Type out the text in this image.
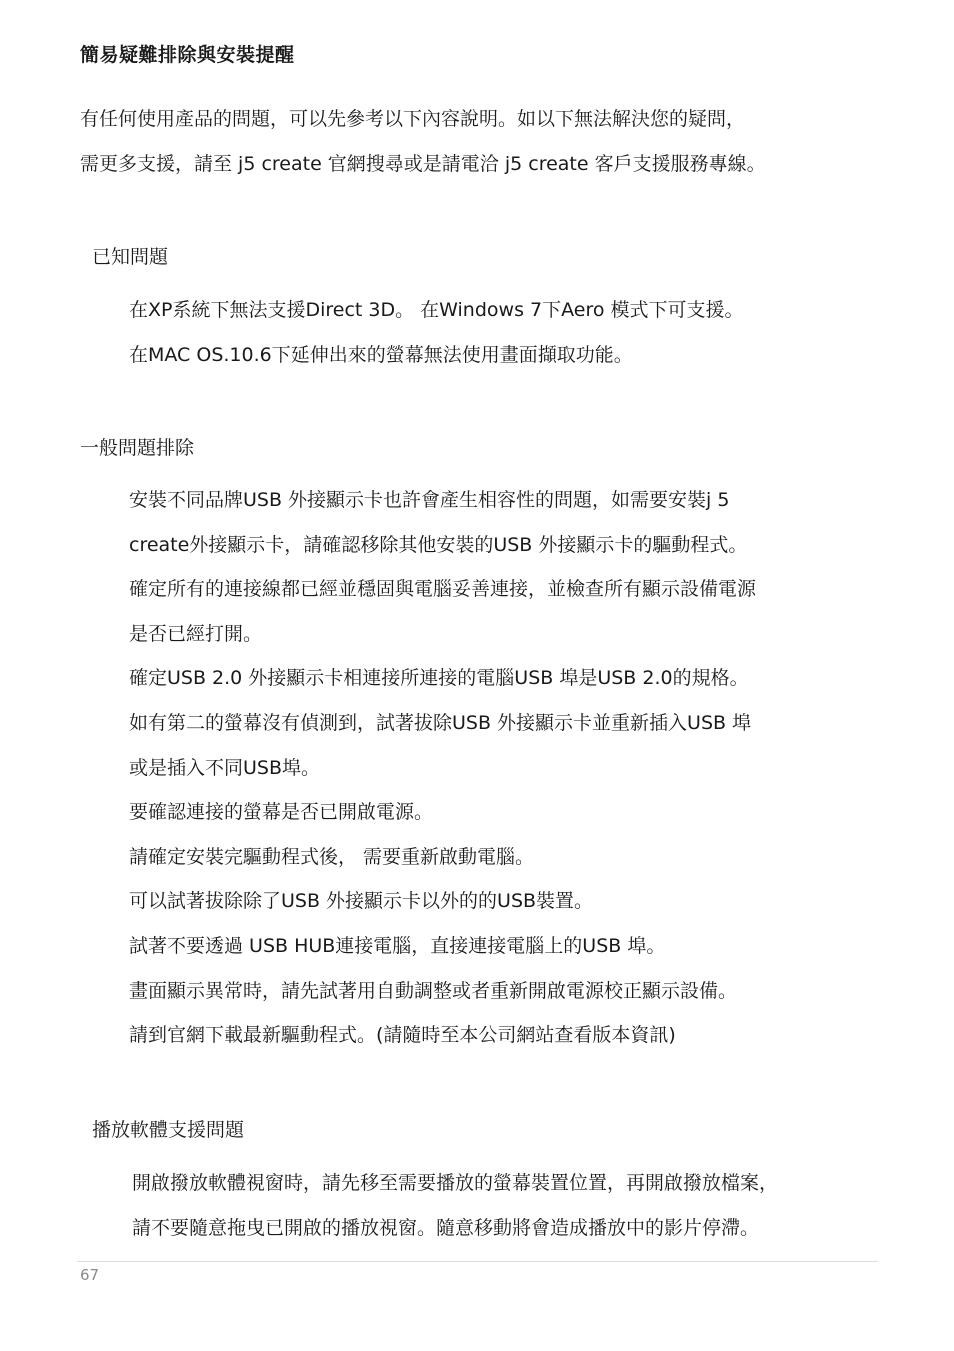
簡易疑難排除與安裝提醒

有任何使用產品的問題，可以先參考以下內容說明。如以下無法解決您的疑問，

需更多支援，請至 j5 create 官網搜尋或是請電洽 j5 create 客戶支援服務專線。

已知問題

在XP系統下無法支援Direct 3D。 在Windows 7下Aero 模式下可支援。

在MAC OS.10.6下延伸出來的螢幕無法使用畫面擷取功能。

一般問題排除

安裝不同品牌USB 外接顯示卡也許會產生相容性的問題，如需要安裝j 5

create外接顯示卡，請確認移除其他安裝的USB 外接顯示卡的驅動程式。

確定所有的連接線都已經並穩固與電腦妥善連接，並檢查所有顯示設備電源

是否已經打開。

確定USB 2.0 外接顯示卡相連接所連接的電腦USB 埠是USB 2.0的規格。

如有第二的螢幕沒有偵測到，試著拔除USB 外接顯示卡並重新插入USB 埠

或是插入不同USB埠。

要確認連接的螢幕是否已開啟電源。

請確定安裝完驅動程式後， 需要重新啟動電腦。

可以試著拔除除了USB 外接顯示卡以外的的USB裝置。

試著不要透過 USB HUB連接電腦，直接連接電腦上的USB 埠。

畫面顯示異常時，請先試著用自動調整或者重新開啟電源校正顯示設備。

請到官網下載最新驅動程式。(請隨時至本公司網站查看版本資訊)

播放軟體支援問題

開啟撥放軟體視窗時，請先移至需要播放的螢幕裝置位置，再開啟撥放檔案，

請不要隨意拖曳已開啟的播放視窗。隨意移動將會造成播放中的影片停滯。

67
